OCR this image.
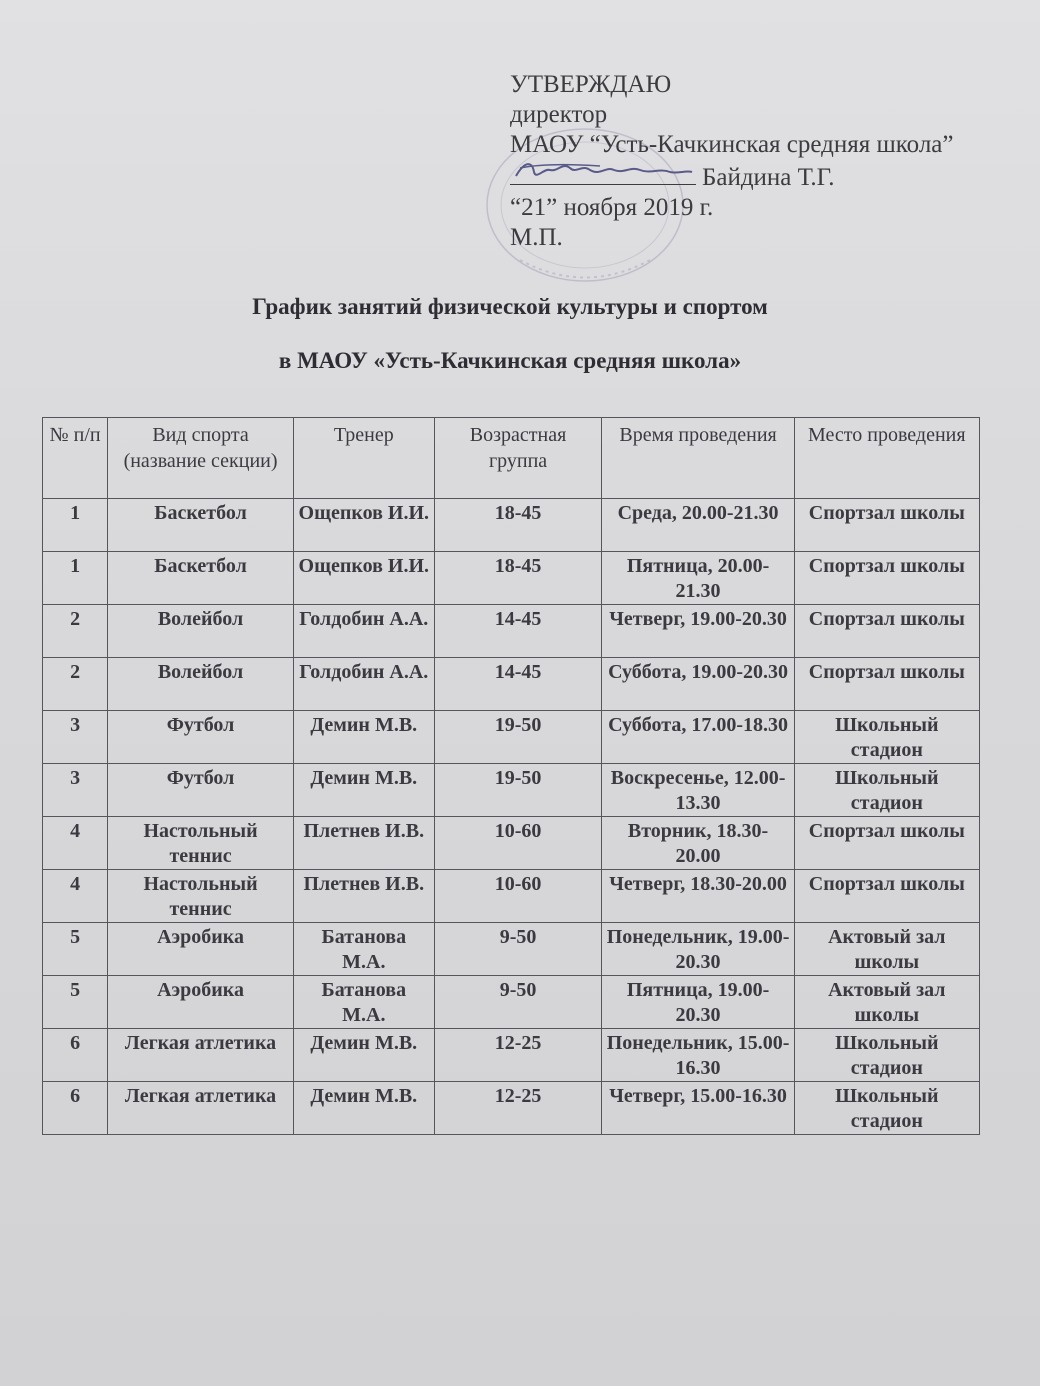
УТВЕРЖДАЮ
директор
МАОУ “Усть-Качкинская средняя школа”
Байдина Т.Г.
“21” ноября 2019 г.
М.П.
График занятий физической культуры и спортом
в МАОУ «Усть-Качкинская средняя школа»
№ п/п	Вид спорта (название секции)	Тренер	Возрастная группа	Время проведения	Место проведения
1	Баскетбол	Ощепков И.И.	18-45	Среда, 20.00-21.30	Спортзал школы
1	Баскетбол	Ощепков И.И.	18-45	Пятница, 20.00-21.30	Спортзал школы
2	Волейбол	Голдобин А.А.	14-45	Четверг, 19.00-20.30	Спортзал школы
2	Волейбол	Голдобин А.А.	14-45	Суббота, 19.00-20.30	Спортзал школы
3	Футбол	Демин М.В.	19-50	Суббота, 17.00-18.30	Школьный стадион
3	Футбол	Демин М.В.	19-50	Воскресенье, 12.00-13.30	Школьный стадион
4	Настольный теннис	Плетнев И.В.	10-60	Вторник, 18.30-20.00	Спортзал школы
4	Настольный теннис	Плетнев И.В.	10-60	Четверг, 18.30-20.00	Спортзал школы
5	Аэробика	Батанова М.А.	9-50	Понедельник, 19.00-20.30	Актовый зал школы
5	Аэробика	Батанова М.А.	9-50	Пятница, 19.00-20.30	Актовый зал школы
6	Легкая атлетика	Демин М.В.	12-25	Понедельник, 15.00-16.30	Школьный стадион
6	Легкая атлетика	Демин М.В.	12-25	Четверг, 15.00-16.30	Школьный стадион
